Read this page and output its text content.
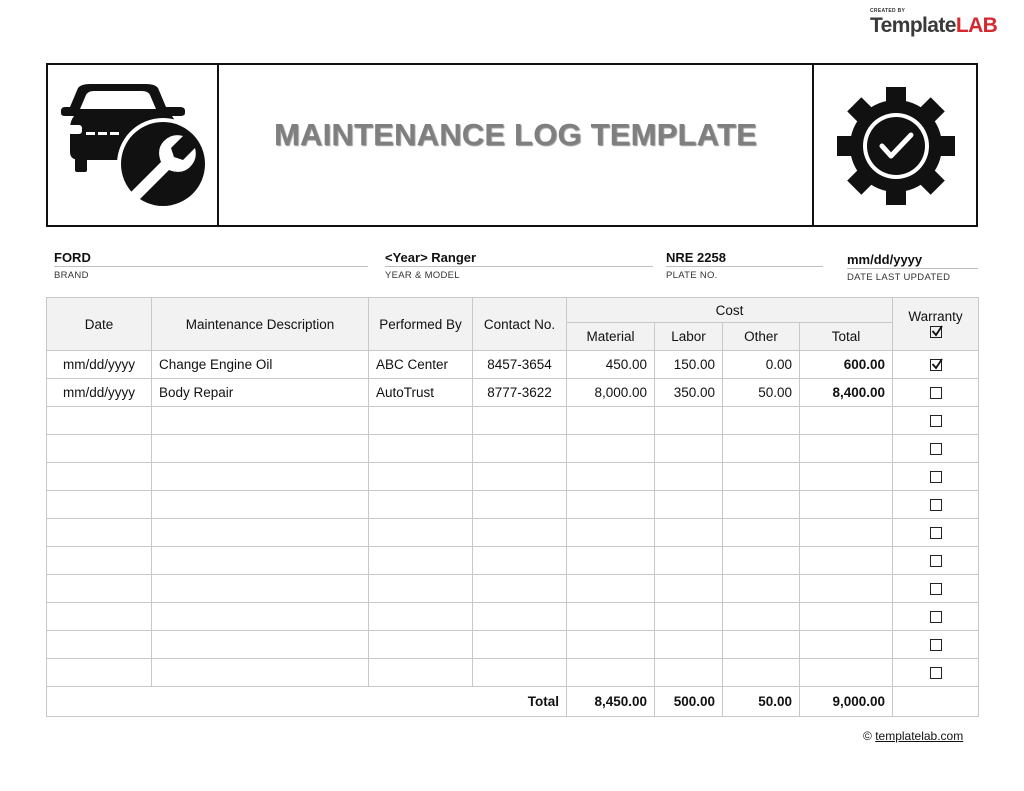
CREATED BY
TemplateLAB
MAINTENANCE LOG TEMPLATE
FORD
BRAND
<Year> Ranger
YEAR & MODEL
NRE 2258
PLATE NO.
mm/dd/yyyy
DATE LAST UPDATED
Date	Maintenance Description	Performed By	Contact No.	Cost				Warranty

				Material	Labor	Other	Total	
mm/dd/yyyy	Change Engine Oil	ABC Center	8457-3654	450.00	150.00	0.00	600.00	

mm/dd/yyyy	Body Repair	AutoTrust	8777-3622	8,000.00	350.00	50.00	8,400.00	

Total				8,450.00	500.00	50.00	9,000.00	
© templatelab.com
